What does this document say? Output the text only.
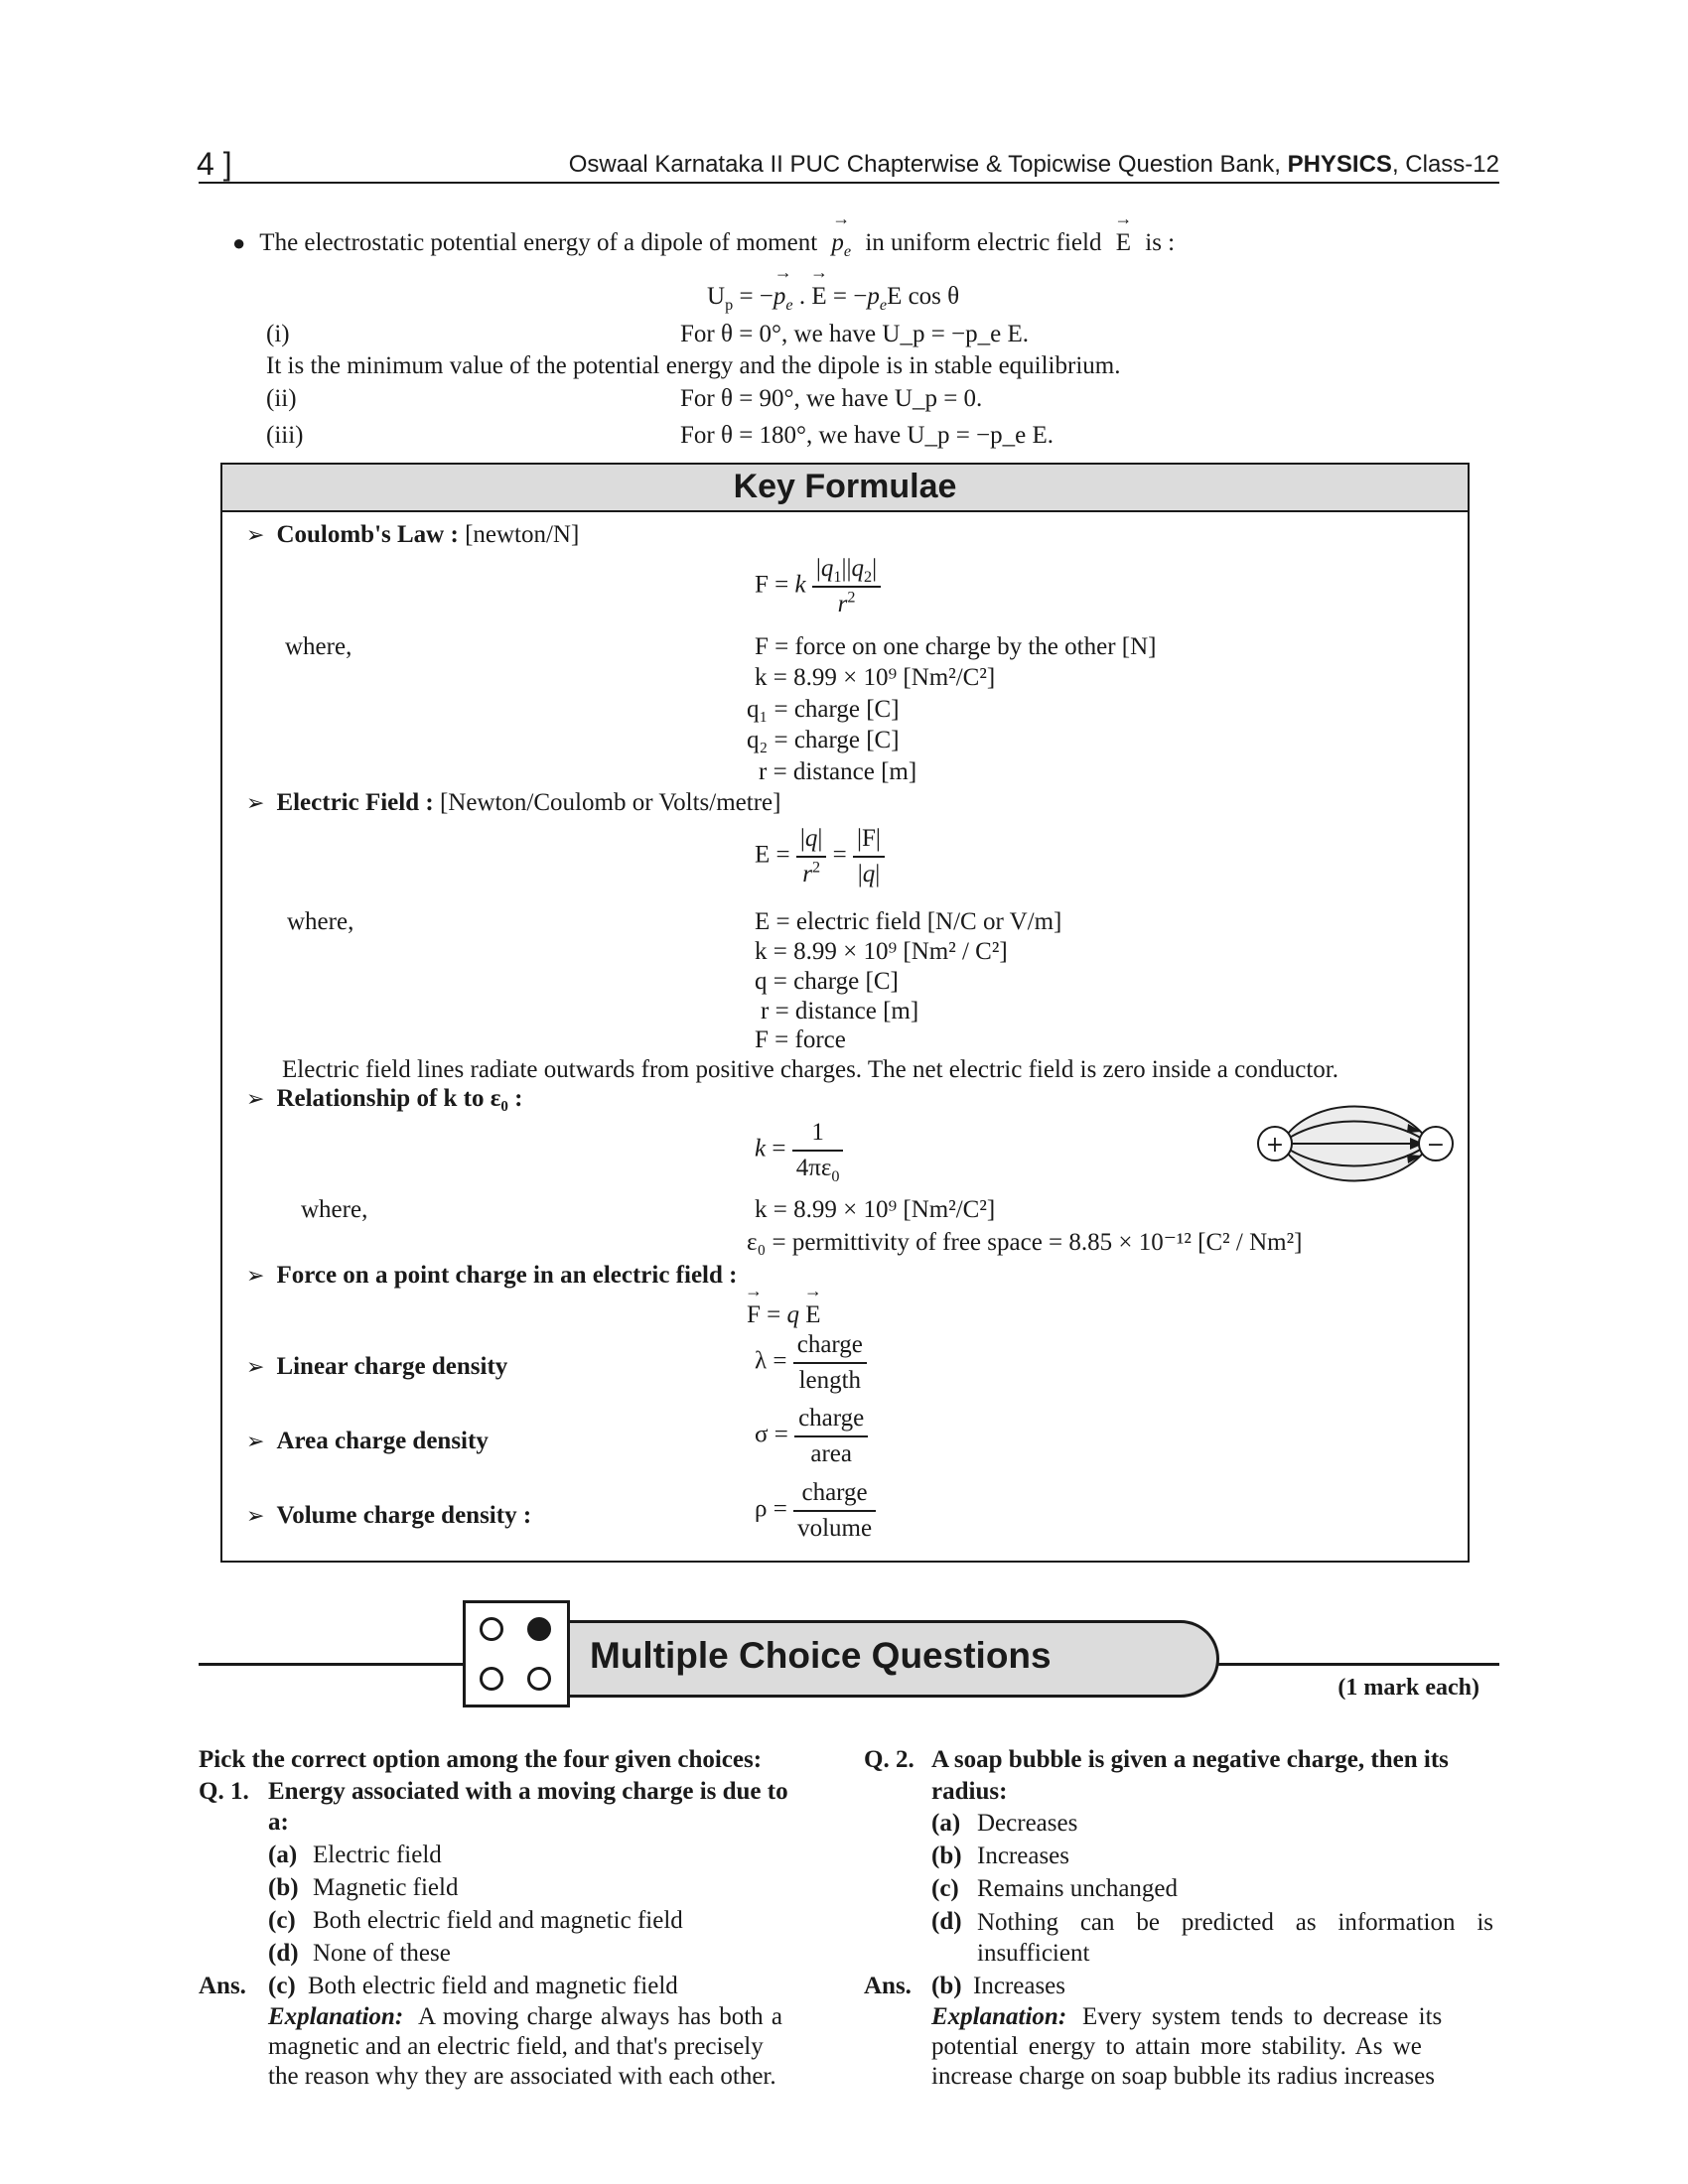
4 ]	Oswaal Karnataka II PUC Chapterwise & Topicwise Question Bank, PHYSICS, Class-12
● The electrostatic potential energy of a dipole of moment → $p_e$ in uniform electric field → E is :
$U_p$ = −→ $p_e$ . → $E = -p_eE$ cos θ
(i)	For θ = 0°, we have U_p = −p_e E.
It is the minimum value of the potential energy and the dipole is in stable equilibrium.
(ii)	For θ = 90°, we have U_p = 0.
(iii)	For θ = 180°, we have U_p = −p_e E.
Key Formulae
➢ Coulomb's Law : [newton/N]
F = k $\frac{|q_1||q_2|}{r^2}$
where,	F = force on one charge by the other [N]
k = 8.99 × 10⁹ [Nm²/C²]
q₁ = charge [C]
q₂ = charge [C]
r = distance [m]
➢ Electric Field : [Newton/Coulomb or Volts/metre]
$E = \frac{|q|}{r^2} = \frac{|F|}{|q|}$
where,	E = electric field [N/C or V/m]
k = 8.99 × 10⁹ [Nm² / C²]
q = charge [C]
r = distance [m]
F = force
Electric field lines radiate outwards from positive charges. The net electric field is zero inside a conductor.
➢ Relationship of k to ε₀ :
$k = \frac{1}{4\pi\varepsilon_0}$	+	−
where,	k = 8.99 × 10⁹ [Nm²/C²]
ε₀ = permittivity of free space = 8.85 × 10⁻¹² [C² / Nm²]
➢ Force on a point charge in an electric field :
→ F = q → E
➢ Linear charge density	$\lambda = \frac{\text{charge}}{\text{length}}$
➢ Area charge density	$\sigma = \frac{\text{charge}}{\text{area}}$
➢ Volume charge density :	$\rho = \frac{\text{charge}}{\text{volume}}$
Multiple Choice Questions
(1 mark each)
Pick the correct option among the four given choices:
Q. 1. Energy associated with a moving charge is due to
a:
(a) Electric field
(b) Magnetic field
(c) Both electric field and magnetic field
(d) None of these
Ans. (c) Both electric field and magnetic field
Explanation: A moving charge always has both a
magnetic and an electric field, and that's precisely
the reason why they are associated with each other.
Q. 2. A soap bubble is given a negative charge, then its
radius:
(a) Decreases
(b) Increases
(c) Remains unchanged
(d) Nothing can be predicted as information is insufficient
Ans. (b) Increases
Explanation: Every system tends to decrease its
potential energy to attain more stability. As we
increase charge on soap bubble its radius increases
